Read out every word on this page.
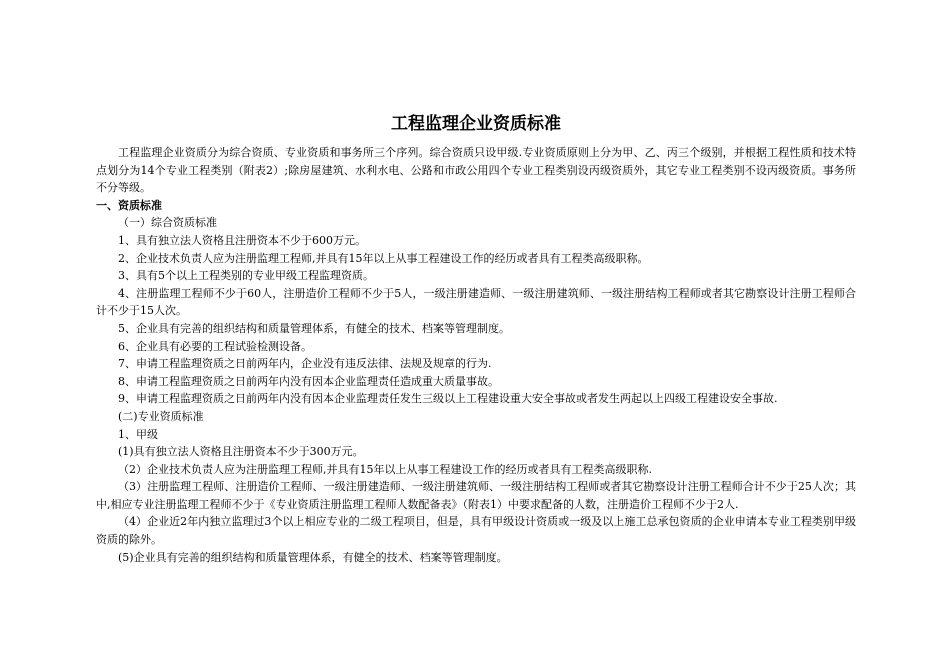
工程监理企业资质标准

工程监理企业资质分为综合资质、专业资质和事务所三个序列。综合资质只设甲级.专业资质原则上分为甲、乙、丙三个级别，并根据工程性质和技术特点划分为14个专业工程类别（附表2）;除房屋建筑、水利水电、公路和市政公用四个专业工程类别设丙级资质外，其它专业工程类别不设丙级资质。事务所不分等级。

一、资质标准

（一）综合资质标准

1、具有独立法人资格且注册资本不少于600万元。

2、企业技术负责人应为注册监理工程师,并具有15年以上从事工程建设工作的经历或者具有工程类高级职称。

3、具有5个以上工程类别的专业甲级工程监理资质。

4、注册监理工程师不少于60人，注册造价工程师不少于5人，一级注册建造师、一级注册建筑师、一级注册结构工程师或者其它勘察设计注册工程师合计不少于15人次。

5、企业具有完善的组织结构和质量管理体系，有健全的技术、档案等管理制度。

6、企业具有必要的工程试验检测设备。

7、申请工程监理资质之日前两年内，企业没有违反法律、法规及规章的行为.

8、申请工程监理资质之日前两年内没有因本企业监理责任造成重大质量事故。

9、申请工程监理资质之日前两年内没有因本企业监理责任发生三级以上工程建设重大安全事故或者发生两起以上四级工程建设安全事故.

(二)专业资质标准

1、甲级

(1)具有独立法人资格且注册资本不少于300万元。

（2）企业技术负责人应为注册监理工程师,并具有15年以上从事工程建设工作的经历或者具有工程类高级职称.

（3）注册监理工程师、注册造价工程师、一级注册建造师、一级注册建筑师、一级注册结构工程师或者其它勘察设计注册工程师合计不少于25人次；其中,相应专业注册监理工程师不少于《专业资质注册监理工程师人数配备表》（附表1）中要求配备的人数，注册造价工程师不少于2人.

（4）企业近2年内独立监理过3个以上相应专业的二级工程项目，但是，具有甲级设计资质或一级及以上施工总承包资质的企业申请本专业工程类别甲级资质的除外。

(5)企业具有完善的组织结构和质量管理体系，有健全的技术、档案等管理制度。
